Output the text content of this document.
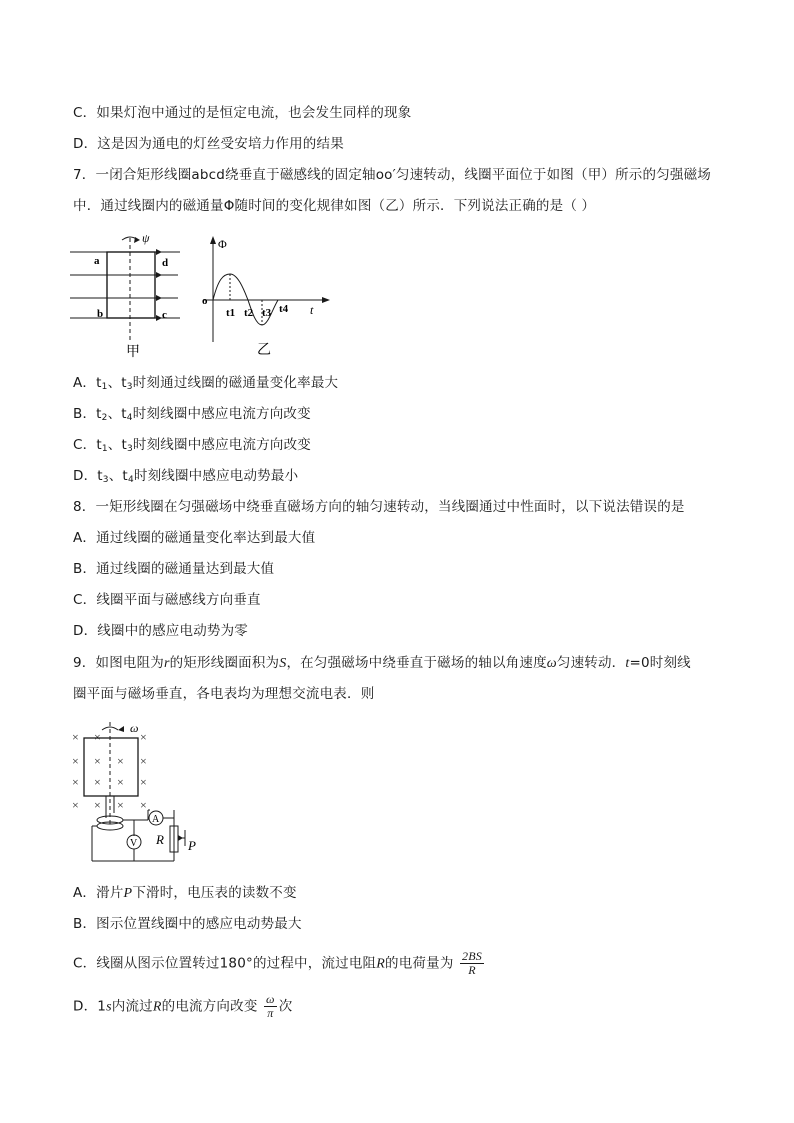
C．如果灯泡中通过的是恒定电流，也会发生同样的现象
D．这是因为通电的灯丝受安培力作用的结果
7．一闭合矩形线圈abcd绕垂直于磁感线的固定轴oo′匀速转动，线圈平面位于如图（甲）所示的匀强磁场
中．通过线圈内的磁通量Φ随时间的变化规律如图（乙）所示．下列说法正确的是（ ）
ψ
a	d
b	c
甲
Φ
o
t
t1 t2 t3 t4
乙
A．$t_1$、$t_3$时刻通过线圈的磁通量变化率最大
B．$t_2$、$t_4$时刻线圈中感应电流方向改变
C．$t_1$、$t_3$时刻线圈中感应电流方向改变
D．$t_3$、$t_4$时刻线圈中感应电动势最小
8．一矩形线圈在匀强磁场中绕垂直磁场方向的轴匀速转动，当线圈通过中性面时，以下说法错误的是
A．通过线圈的磁通量变化率达到最大值
B．通过线圈的磁通量达到最大值
C．线圈平面与磁感线方向垂直
D．线圈中的感应电动势为零
9．如图电阻为r的矩形线圈面积为S，在匀强磁场中绕垂直于磁场的轴以角速度ω匀速转动．t=0时刻线
圈平面与磁场垂直，各电表均为理想交流电表．则
× ×	×
× × ×
×
× × ×
×
× × × ×
ω
A
V R P
A．滑片P下滑时，电压表的读数不变
B．图示位置线圈中的感应电动势最大
C．线圈从图示位置转过180°的过程中，流过电阻R的电荷量为 $\frac{2BS}{R}$
D．1s内流过R的电流方向改变 $\frac{\omega}{\pi}$ 次
